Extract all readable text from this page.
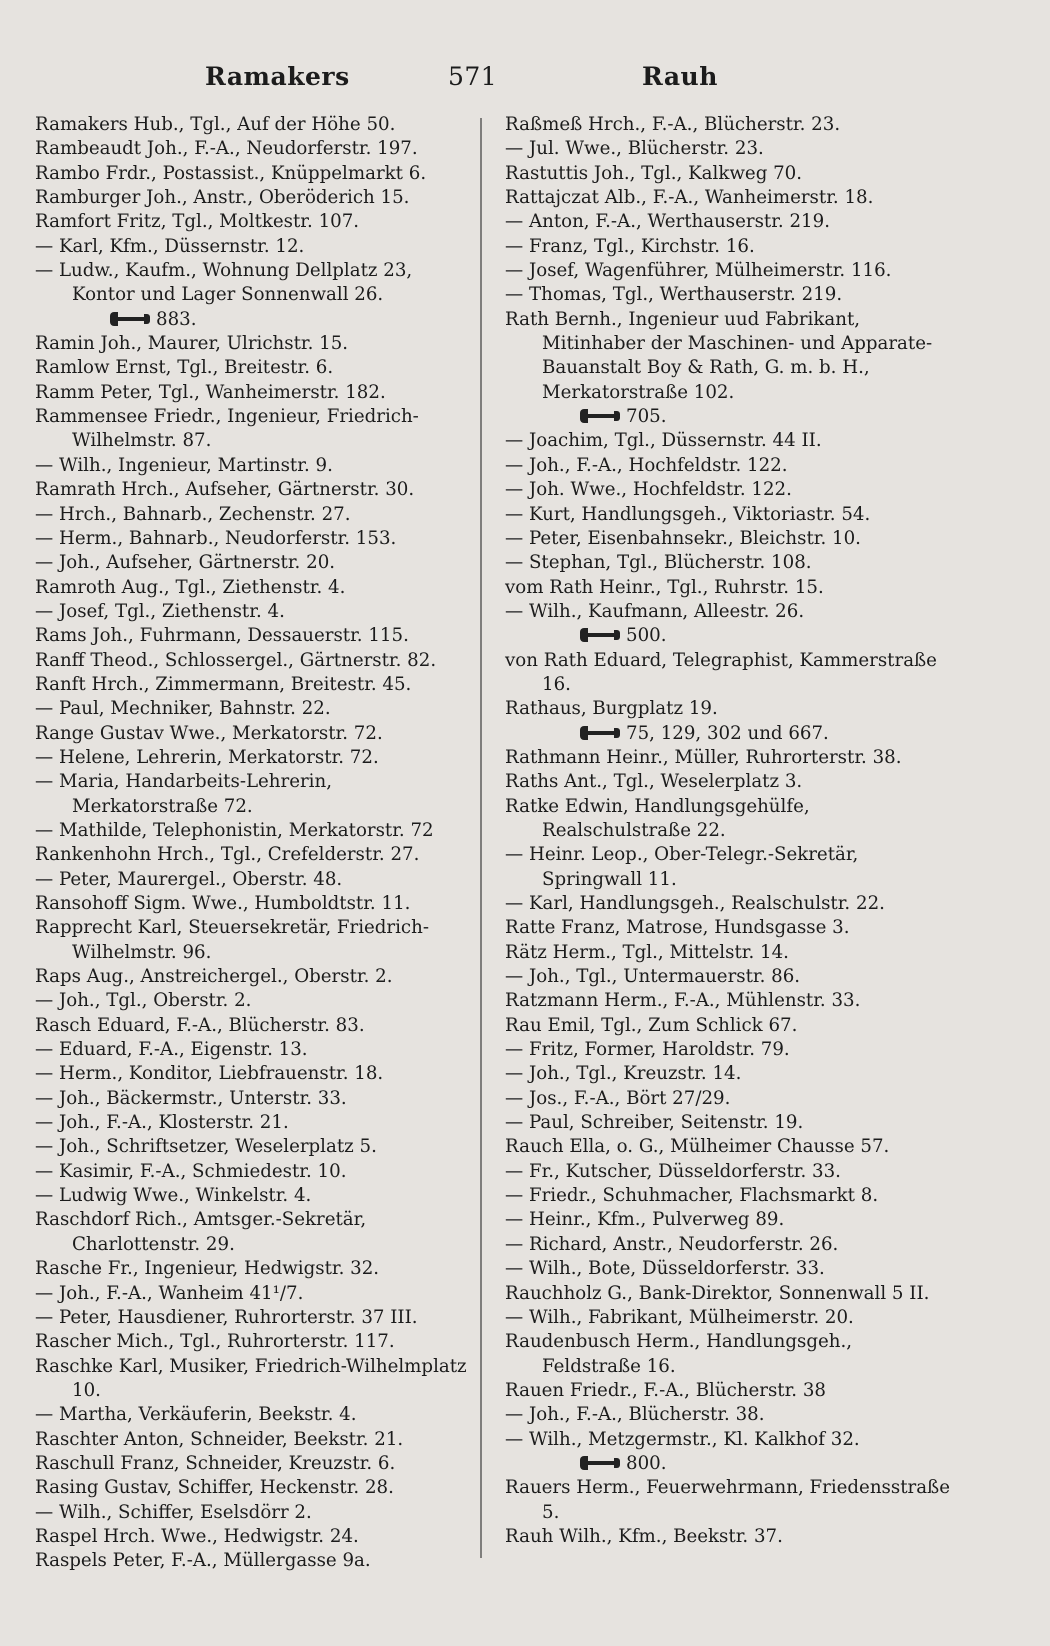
Ramakers	571	Rauh
Ramakers Hub., Tgl., Auf der Höhe 50.
Rambeaudt Joh., F.-A., Neudorferstr. 197.
Rambo Frdr., Postassist., Knüppelmarkt 6.
Ramburger Joh., Anstr., Oberöderich 15.
Ramfort Fritz, Tgl., Moltkestr. 107.
— Karl, Kfm., Düssernstr. 12.
— Ludw., Kaufm., Wohnung Dellplatz 23, Kontor und Lager Sonnenwall 26.
883.
Ramin Joh., Maurer, Ulrichstr. 15.
Ramlow Ernst, Tgl., Breitestr. 6.
Ramm Peter, Tgl., Wanheimerstr. 182.
Rammensee Friedr., Ingenieur, Friedrich-Wilhelmstr. 87.
— Wilh., Ingenieur, Martinstr. 9.
Ramrath Hrch., Aufseher, Gärtnerstr. 30.
— Hrch., Bahnarb., Zechenstr. 27.
— Herm., Bahnarb., Neudorferstr. 153.
— Joh., Aufseher, Gärtnerstr. 20.
Ramroth Aug., Tgl., Ziethenstr. 4.
— Josef, Tgl., Ziethenstr. 4.
Rams Joh., Fuhrmann, Dessauerstr. 115.
Ranff Theod., Schlossergel., Gärtnerstr. 82.
Ranft Hrch., Zimmermann, Breitestr. 45.
— Paul, Mechniker, Bahnstr. 22.
Range Gustav Wwe., Merkatorstr. 72.
— Helene, Lehrerin, Merkatorstr. 72.
— Maria, Handarbeits-Lehrerin, Merkatorstraße 72.
— Mathilde, Telephonistin, Merkatorstr. 72
Rankenhohn Hrch., Tgl., Crefelderstr. 27.
— Peter, Maurergel., Oberstr. 48.
Ransohoff Sigm. Wwe., Humboldtstr. 11.
Rapprecht Karl, Steuersekretär, Friedrich-Wilhelmstr. 96.
Raps Aug., Anstreichergel., Oberstr. 2.
— Joh., Tgl., Oberstr. 2.
Rasch Eduard, F.-A., Blücherstr. 83.
— Eduard, F.-A., Eigenstr. 13.
— Herm., Konditor, Liebfrauenstr. 18.
— Joh., Bäckermstr., Unterstr. 33.
— Joh., F.-A., Klosterstr. 21.
— Joh., Schriftsetzer, Weselerplatz 5.
— Kasimir, F.-A., Schmiedestr. 10.
— Ludwig Wwe., Winkelstr. 4.
Raschdorf Rich., Amtsger.-Sekretär, Charlottenstr. 29.
Rasche Fr., Ingenieur, Hedwigstr. 32.
— Joh., F.-A., Wanheim 41¹/7.
— Peter, Hausdiener, Ruhrorterstr. 37 III.
Rascher Mich., Tgl., Ruhrorterstr. 117.
Raschke Karl, Musiker, Friedrich-Wilhelmplatz 10.
— Martha, Verkäuferin, Beekstr. 4.
Raschter Anton, Schneider, Beekstr. 21.
Raschull Franz, Schneider, Kreuzstr. 6.
Rasing Gustav, Schiffer, Heckenstr. 28.
— Wilh., Schiffer, Eselsdörr 2.
Raspel Hrch. Wwe., Hedwigstr. 24.
Raspels Peter, F.-A., Müllergasse 9a.
Raßmeß Hrch., F.-A., Blücherstr. 23.
— Jul. Wwe., Blücherstr. 23.
Rastuttis Joh., Tgl., Kalkweg 70.
Rattajczat Alb., F.-A., Wanheimerstr. 18.
— Anton, F.-A., Werthauserstr. 219.
— Franz, Tgl., Kirchstr. 16.
— Josef, Wagenführer, Mülheimerstr. 116.
— Thomas, Tgl., Werthauserstr. 219.
Rath Bernh., Ingenieur uud Fabrikant, Mitinhaber der Maschinen- und Apparate-Bauanstalt Boy & Rath, G. m. b. H., Merkatorstraße 102.
705.
— Joachim, Tgl., Düssernstr. 44 II.
— Joh., F.-A., Hochfeldstr. 122.
— Joh. Wwe., Hochfeldstr. 122.
— Kurt, Handlungsgeh., Viktoriastr. 54.
— Peter, Eisenbahnsekr., Bleichstr. 10.
— Stephan, Tgl., Blücherstr. 108.
vom Rath Heinr., Tgl., Ruhrstr. 15.
— Wilh., Kaufmann, Alleestr. 26.
500.
von Rath Eduard, Telegraphist, Kammerstraße 16.
Rathaus, Burgplatz 19.
75, 129, 302 und 667.
Rathmann Heinr., Müller, Ruhrorterstr. 38.
Raths Ant., Tgl., Weselerplatz 3.
Ratke Edwin, Handlungsgehülfe, Realschulstraße 22.
— Heinr. Leop., Ober-Telegr.-Sekretär, Springwall 11.
— Karl, Handlungsgeh., Realschulstr. 22.
Ratte Franz, Matrose, Hundsgasse 3.
Rätz Herm., Tgl., Mittelstr. 14.
— Joh., Tgl., Untermauerstr. 86.
Ratzmann Herm., F.-A., Mühlenstr. 33.
Rau Emil, Tgl., Zum Schlick 67.
— Fritz, Former, Haroldstr. 79.
— Joh., Tgl., Kreuzstr. 14.
— Jos., F.-A., Bört 27/29.
— Paul, Schreiber, Seitenstr. 19.
Rauch Ella, o. G., Mülheimer Chausse 57.
— Fr., Kutscher, Düsseldorferstr. 33.
— Friedr., Schuhmacher, Flachsmarkt 8.
— Heinr., Kfm., Pulverweg 89.
— Richard, Anstr., Neudorferstr. 26.
— Wilh., Bote, Düsseldorferstr. 33.
Rauchholz G., Bank-Direktor, Sonnenwall 5 II.
— Wilh., Fabrikant, Mülheimerstr. 20.
Raudenbusch Herm., Handlungsgeh., Feldstraße 16.
Rauen Friedr., F.-A., Blücherstr. 38
— Joh., F.-A., Blücherstr. 38.
— Wilh., Metzgermstr., Kl. Kalkhof 32.
800.
Rauers Herm., Feuerwehrmann, Friedensstraße 5.
Rauh Wilh., Kfm., Beekstr. 37.
